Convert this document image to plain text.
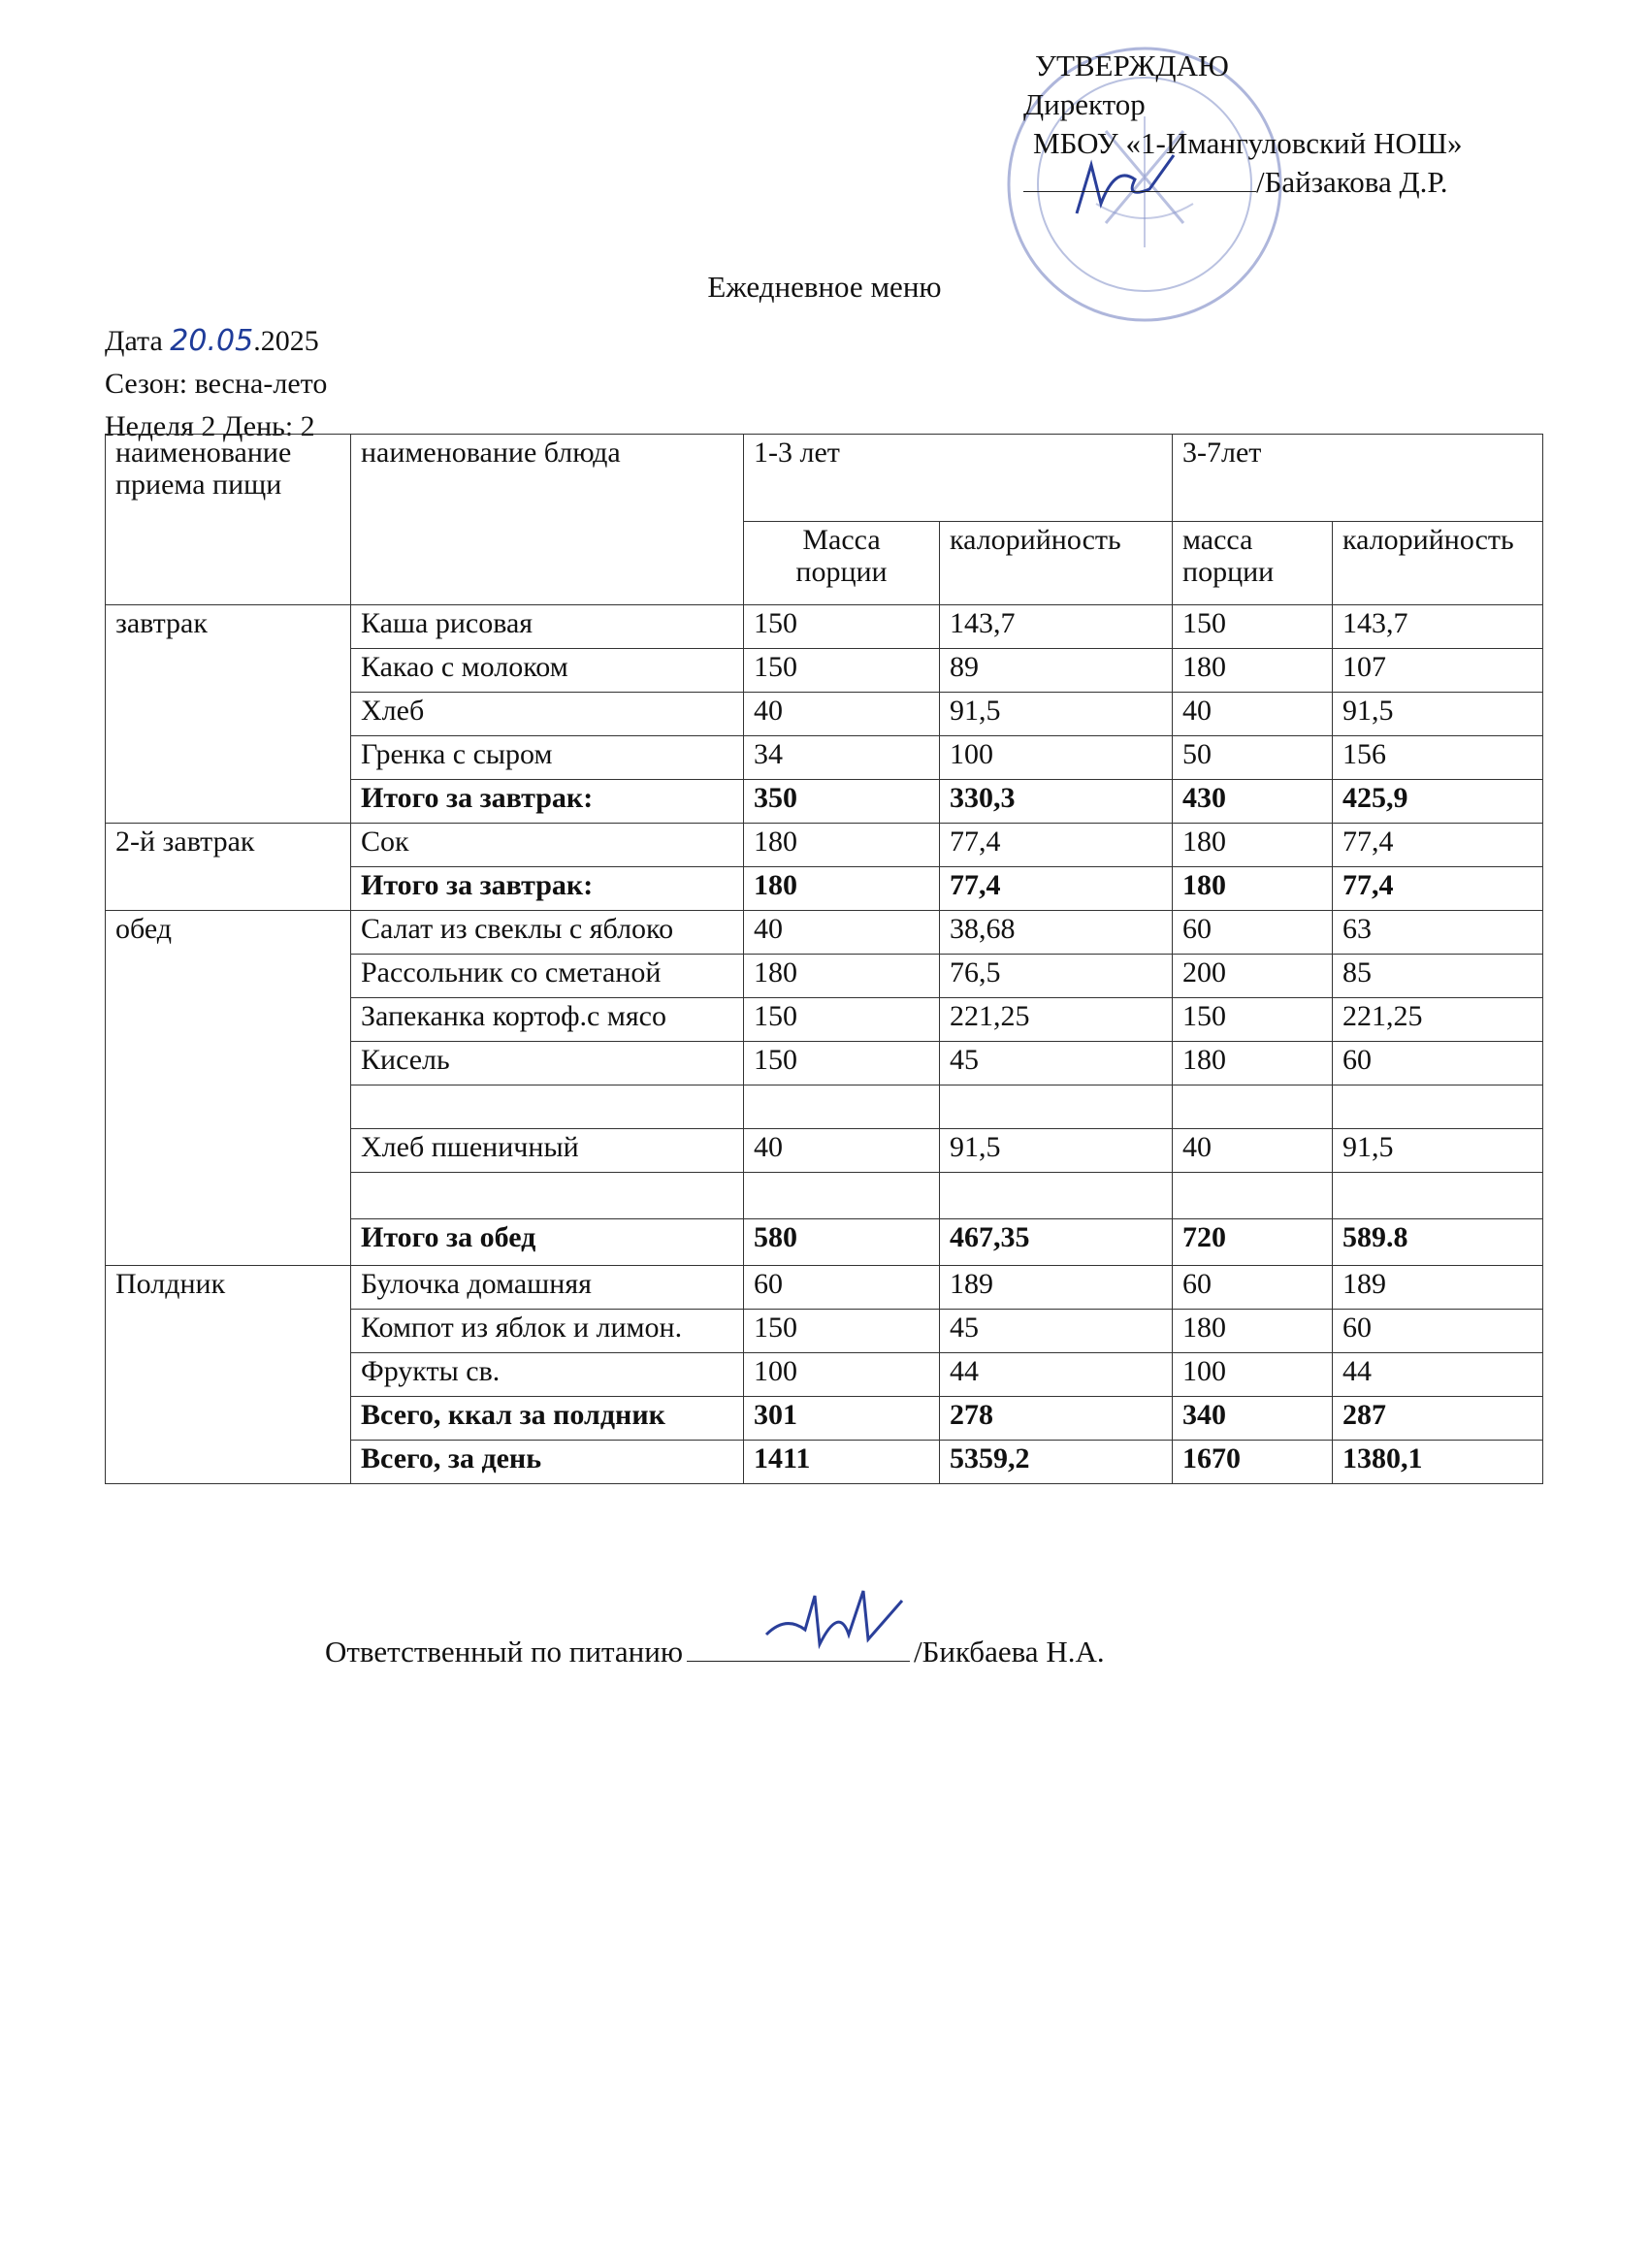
УТВЕРЖДАЮ
Директор
МБОУ «1-Имангуловский НОШ»
/Байзакова Д.Р.
Ежедневное меню
Дата 20.05.2025
Сезон: весна-лето
Неделя 2 День: 2
наименование приема пищи	наименование блюда	1-3 лет		3-7лет	
		Масса порции	калорийность	масса порции	калорийность
завтрак	Каша рисовая	150	143,7	150	143,7
	Какао с молоком	150	89	180	107
	Хлеб	40	91,5	40	91,5
	Гренка с сыром	34	100	50	156
	Итого за завтрак:	350	330,3	430	425,9
2-й завтрак	Сок	180	77,4	180	77,4
	Итого за завтрак:	180	77,4	180	77,4
обед	Салат из свеклы с яблоко	40	38,68	60	63
	Рассольник со сметаной	180	76,5	200	85
	Запеканка кортоф.с мясо	150	221,25	150	221,25
	Кисель	150	45	180	60

	Хлеб пшеничный	40	91,5	40	91,5

	Итого за обед	580	467,35	720	589.8
Полдник	Булочка домашняя	60	189	60	189
	Компот из яблок и лимон.	150	45	180	60
	Фрукты св.	100	44	100	44
	Всего, ккал за полдник	301	278	340	287
	Всего, за день	1411	5359,2	1670	1380,1
Ответственный по питанию	/Бикбаева Н.А.
